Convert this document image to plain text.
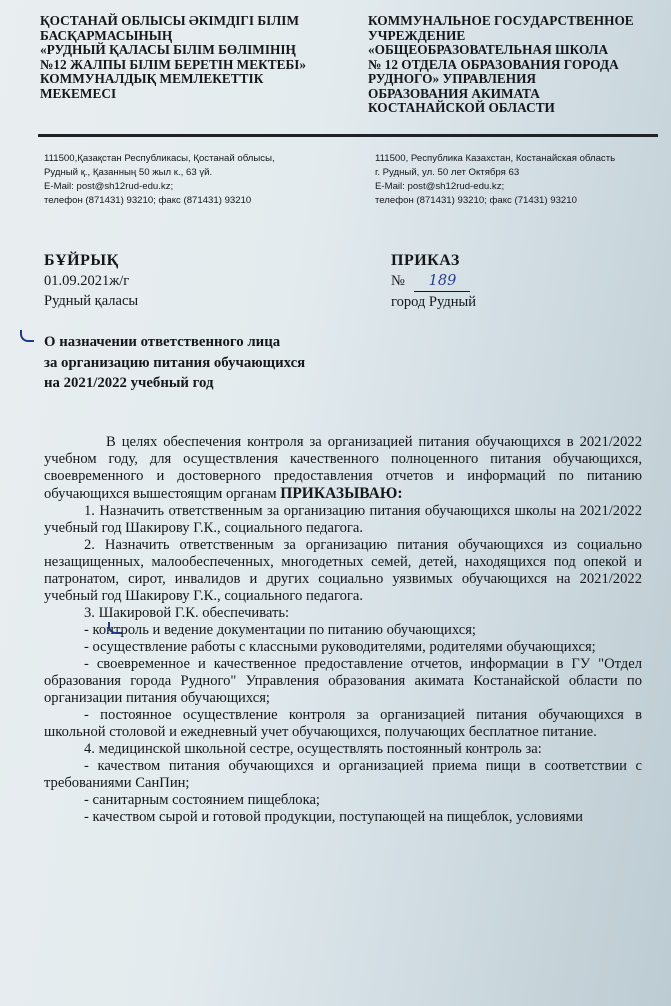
ҚОСТАНАЙ ОБЛЫСЫ ӘКІМДІГІ БІЛІМ
БАСҚАРМАСЫНЫҢ
«РУДНЫЙ ҚАЛАСЫ БІЛІМ БӨЛІМІНІҢ
№12 ЖАЛПЫ БІЛІМ БЕРЕТІН МЕКТЕБІ»
КОММУНАЛДЫҚ МЕМЛЕКЕТТІК
МЕКЕМЕСІ
КОММУНАЛЬНОЕ ГОСУДАРСТВЕННОЕ
УЧРЕЖДЕНИЕ
«ОБЩЕОБРАЗОВАТЕЛЬНАЯ ШКОЛА
№ 12 ОТДЕЛА ОБРАЗОВАНИЯ ГОРОДА
РУДНОГО» УПРАВЛЕНИЯ
ОБРАЗОВАНИЯ АКИМАТА
КОСТАНАЙСКОЙ ОБЛАСТИ
111500,Қазақстан Республикасы, Қостанай облысы,
Рудный қ., Қазанның 50 жыл к., 63 үй.
E-Mail: post@sh12rud-edu.kz;
телефон (871431) 93210; факс (871431) 93210
111500, Республика Казахстан, Костанайская область
г. Рудный, ул. 50 лет Октября 63
E-Mail: post@sh12rud-edu.kz;
телефон (871431) 93210; факс (71431) 93210
БҰЙРЫҚ
01.09.2021ж/г
Рудный қаласы
ПРИКАЗ
№ 189
город Рудный
О назначении ответственного лица
за организацию питания обучающихся
на 2021/2022 учебный год

В целях обеспечения контроля за организацией питания обучающихся в 2021/2022 учебном году, для осуществления качественного полноценного питания обучающихся, своевременного и достоверного предоставления отчетов и информаций по питанию обучающихся вышестоящим органам ПРИКАЗЫВАЮ:

1. Назначить ответственным за организацию питания обучающихся школы на 2021/2022 учебный год Шакирову Г.К., социального педагога.

2. Назначить ответственным за организацию питания обучающихся из социально незащищенных, малообеспеченных, многодетных семей, детей, находящихся под опекой и патронатом, сирот, инвалидов и других социально уязвимых обучающихся на 2021/2022 учебный год Шакирову Г.К., социального педагога.

3. Шакировой Г.К. обеспечивать:

- контроль и ведение документации по питанию обучающихся;

- осуществление работы с классными руководителями, родителями обучающихся;

- своевременное и качественное предоставление отчетов, информации в ГУ "Отдел образования города Рудного" Управления образования акимата Костанайской области по организации питания обучающихся;

- постоянное осуществление контроля за организацией питания обучающихся в школьной столовой и ежедневный учет обучающихся, получающих бесплатное питание.

4. медицинской школьной сестре, осуществлять постоянный контроль за:

- качеством питания обучающихся и организацией приема пищи в соответствии с требованиями СанПин;

- санитарным состоянием пищеблока;

- качеством сырой и готовой продукции, поступающей на пищеблок, условиями
